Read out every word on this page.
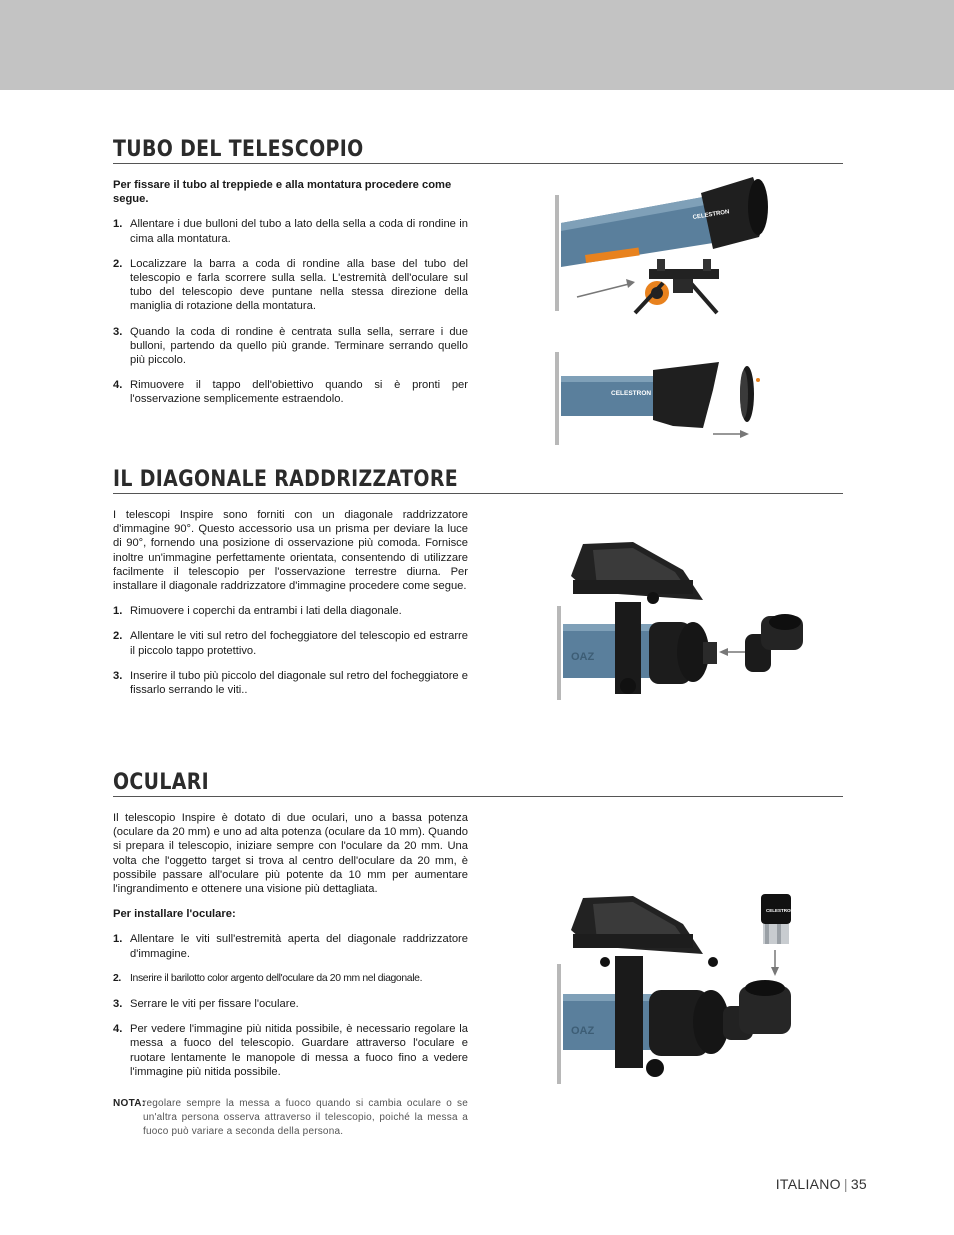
TUBO DEL TELESCOPIO

Per fissare il tubo al treppiede e alla montatura procedere come segue.

1. Allentare i due bulloni del tubo a lato della sella a coda di rondine in cima alla montatura.
2. Localizzare la barra a coda di rondine alla base del tubo del telescopio e farla scorrere sulla sella. L'estremità dell'oculare sul tubo del telescopio deve puntane nella stessa direzione della maniglia di rotazione della montatura.
3. Quando la coda di rondine è centrata sulla sella, serrare i due bulloni, partendo da quello più grande. Terminare serrando quello più piccolo.
4. Rimuovere il tappo dell'obiettivo quando si è pronti per l'osservazione semplicemente estraendolo.
CELESTRON
CELESTRON
IL DIAGONALE RADDRIZZATORE

I telescopi Inspire sono forniti con un diagonale raddrizzatore d'immagine 90°. Questo accessorio usa un prisma per deviare la luce di 90°, fornendo una posizione di osservazione più comoda. Fornisce inoltre un'immagine perfettamente orientata, consentendo di utilizzare facilmente il telescopio per l'osservazione terrestre diurna. Per installare il diagonale raddrizzatore d'immagine procedere come segue.

1. Rimuovere i coperchi da entrambi i lati della diagonale.
2. Allentare le viti sul retro del focheggiatore del telescopio ed estrarre il piccolo tappo protettivo.
3. Inserire il tubo più piccolo del diagonale sul retro del focheggiatore e fissarlo serrando le viti..
OAZ
OCULARI

Il telescopio Inspire è dotato di due oculari, uno a bassa potenza (oculare da 20 mm) e uno ad alta potenza (oculare da 10 mm). Quando si prepara il telescopio, iniziare sempre con l'oculare da 20 mm. Una volta che l'oggetto target si trova al centro dell'oculare da 20 mm, è possibile passare all'oculare più potente da 10 mm per aumentare l'ingrandimento e ottenere una visione più dettagliata.

Per installare l'oculare:

1. Allentare le viti sull'estremità aperta del diagonale raddrizzatore d'immagine.
2. Inserire il barilotto color argento dell'oculare da 20 mm nel diagonale.
3. Serrare le viti per fissare l'oculare.
4. Per vedere l'immagine più nitida possibile, è necessario regolare la messa a fuoco del telescopio. Guardare attraverso l'oculare e ruotare lentamente le manopole di messa a fuoco fino a vedere l'immagine più nitida possibile.
NOTA:
regolare sempre la messa a fuoco quando si cambia oculare o se un'altra persona osserva attraverso il telescopio, poiché la messa a fuoco può variare a seconda della persona.
OAZ
CELESTRON
ITALIANO | 35
